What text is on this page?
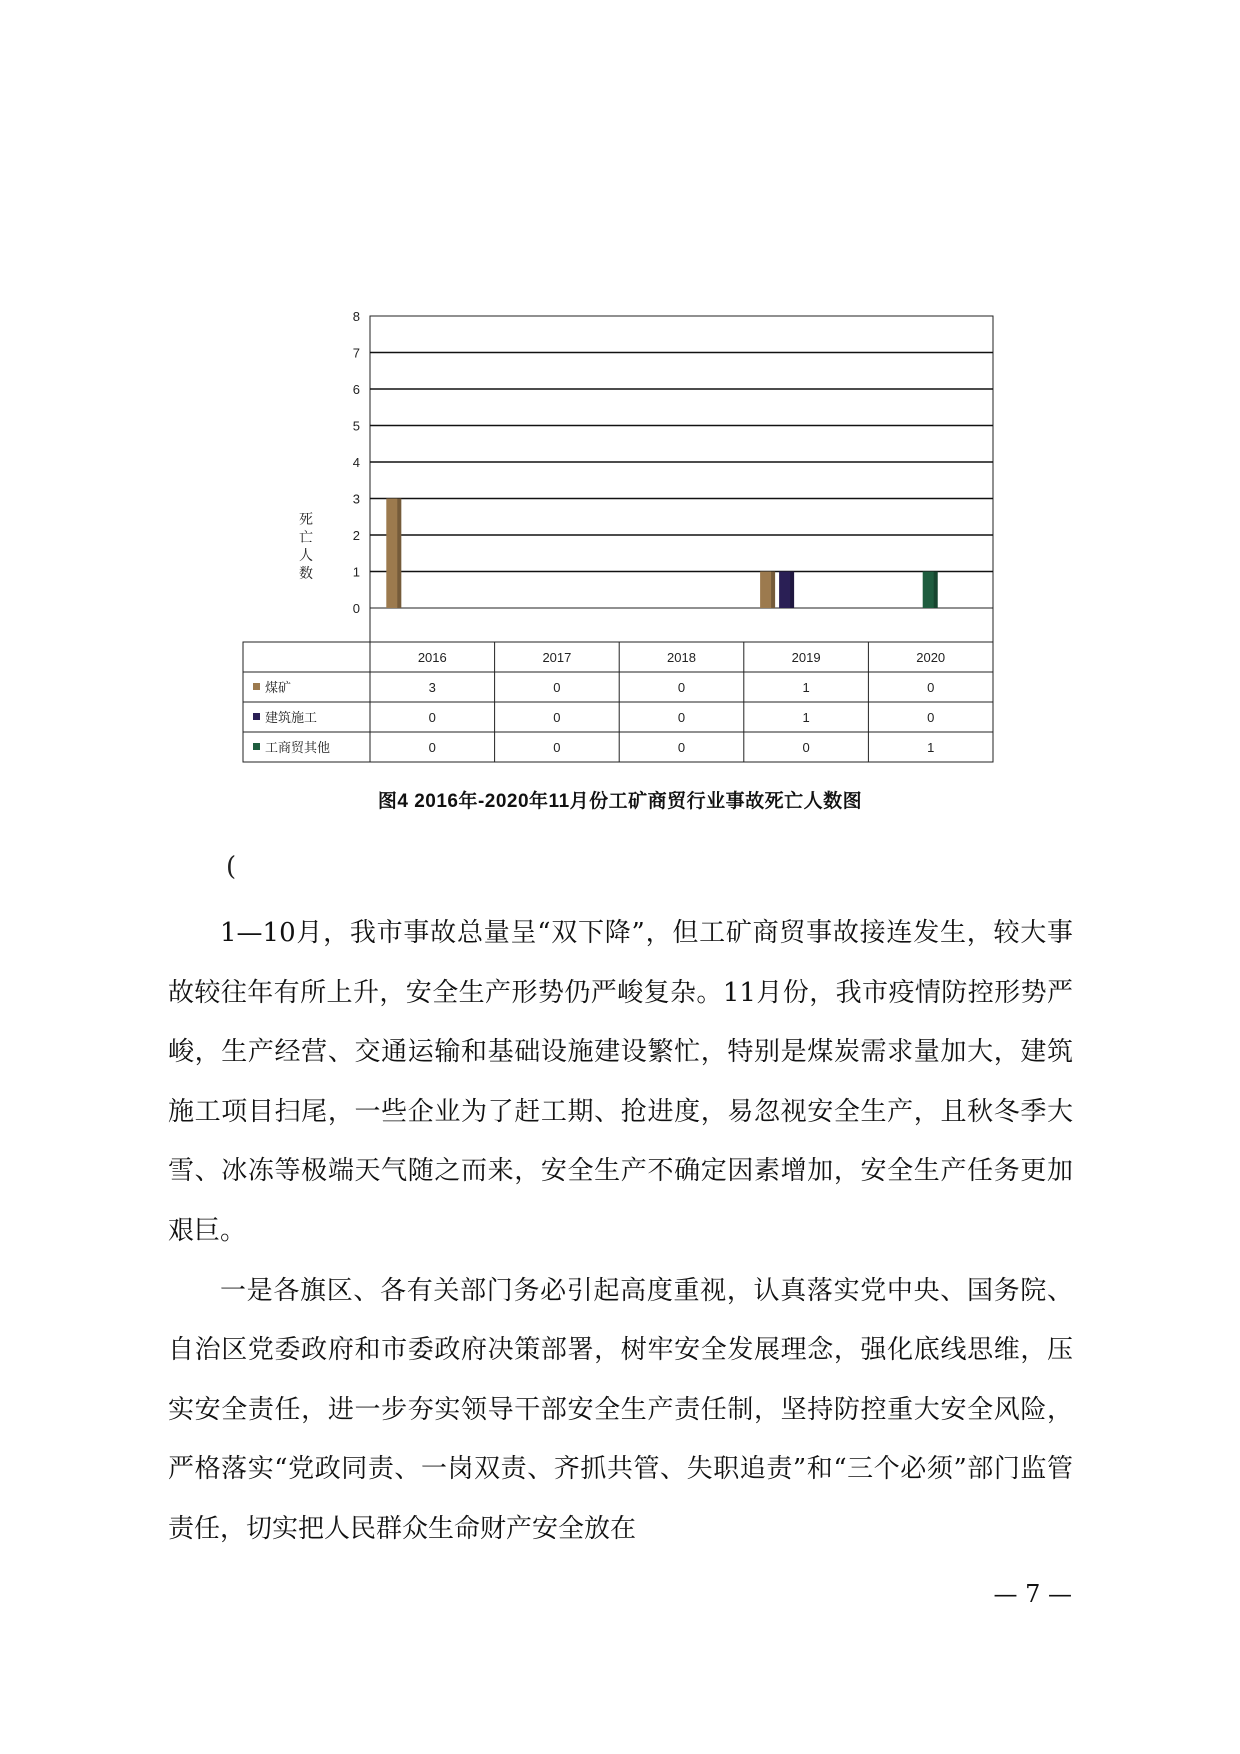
0
1
2
3
4
5
6
7
8
死
亡
人
数
2016	2017	2018	2019	2020
煤矿	3	0	0	1	0
建筑施工	0	0	0	1	0
工商贸其他	0	0	0	0	1
图4 2016年-2020年11月份工矿商贸行业事故死亡人数图
(

1—10月，我市事故总量呈“双下降”，但工矿商贸事故接连发生，较大事故较往年有所上升，安全生产形势仍严峻复杂。11月份，我市疫情防控形势严峻，生产经营、交通运输和基础设施建设繁忙，特别是煤炭需求量加大，建筑施工项目扫尾，一些企业为了赶工期、抢进度，易忽视安全生产，且秋冬季大雪、冰冻等极端天气随之而来，安全生产不确定因素增加，安全生产任务更加艰巨。

一是各旗区、各有关部门务必引起高度重视，认真落实党中央、国务院、自治区党委政府和市委政府决策部署，树牢安全发展理念，强化底线思维，压实安全责任，进一步夯实领导干部安全生产责任制，坚持防控重大安全风险，严格落实“党政同责、一岗双责、齐抓共管、失职追责”和“三个必须”部门监管责任，切实把人民群众生命财产安全放在

— 7 —
